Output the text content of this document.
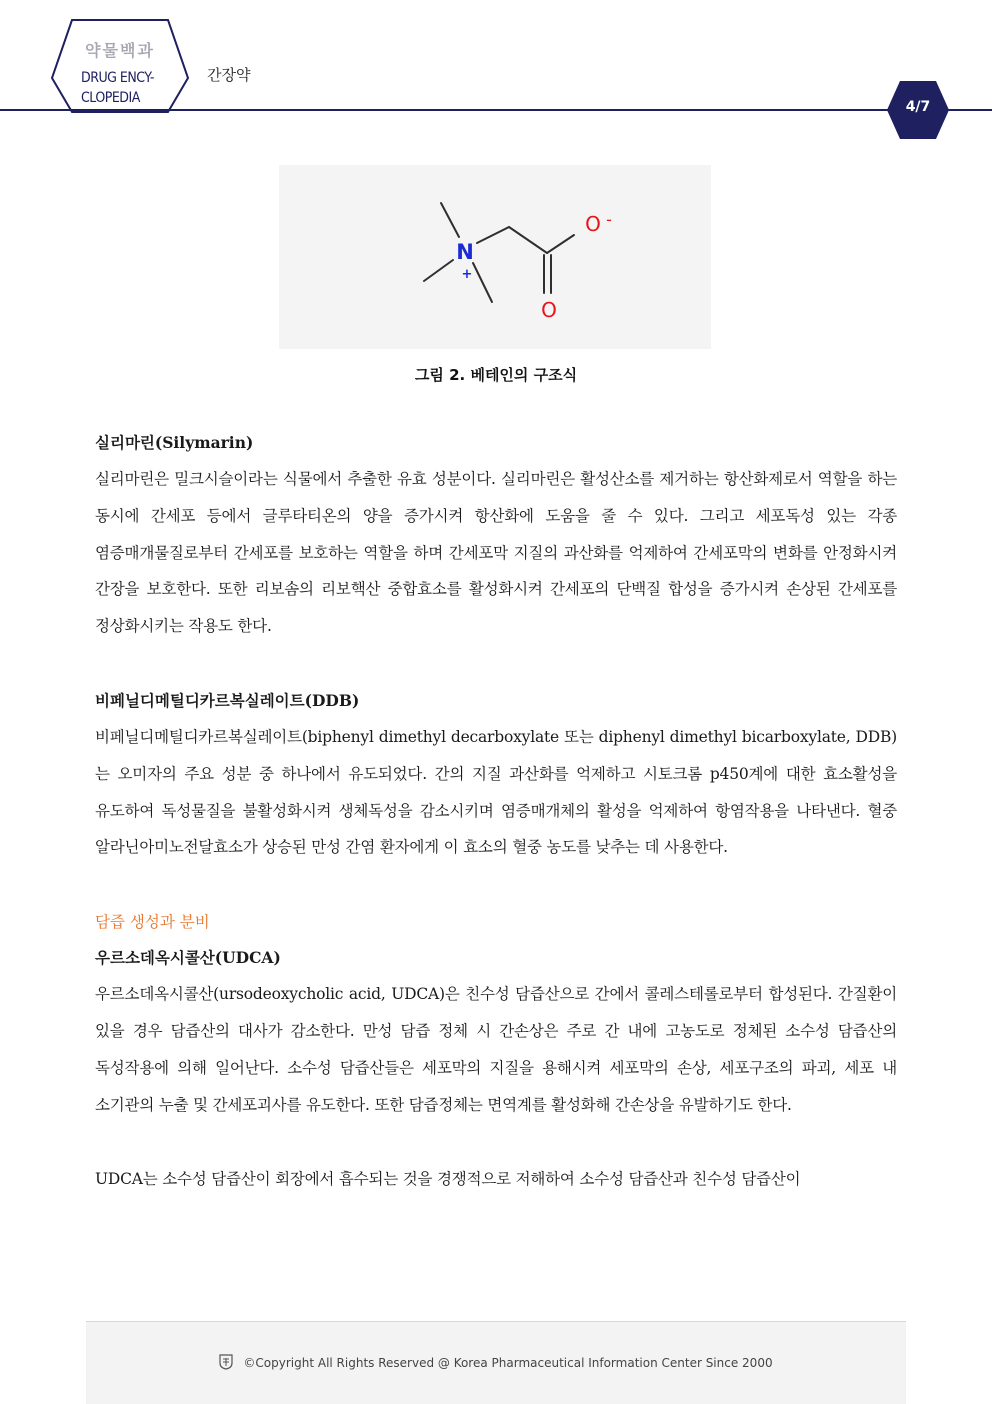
약물백과
DRUG ENCY-
CLOPEDIA
간장약
4/7
N
+
O -
O
그림 2. 베테인의 구조식
실리마린(Silymarin)

실리마린은 밀크시슬이라는 식물에서 추출한 유효 성분이다. 실리마린은 활성산소를 제거하는 항산화제로서 역할을 하는 동시에 간세포 등에서 글루타티온의 양을 증가시켜 항산화에 도움을 줄 수 있다. 그리고 세포독성 있는 각종 염증매개물질로부터 간세포를 보호하는 역할을 하며 간세포막 지질의 과산화를 억제하여 간세포막의 변화를 안정화시켜 간장을 보호한다. 또한 리보솜의 리보핵산 중합효소를 활성화시켜 간세포의 단백질 합성을 증가시켜 손상된 간세포를 정상화시키는 작용도 한다.

비페닐디메틸디카르복실레이트(DDB)

비페닐디메틸디카르복실레이트(biphenyl dimethyl decarboxylate 또는 diphenyl dimethyl bicarboxylate, DDB)는 오미자의 주요 성분 중 하나에서 유도되었다. 간의 지질 과산화를 억제하고 시토크롬 p450계에 대한 효소활성을 유도하여 독성물질을 불활성화시켜 생체독성을 감소시키며 염증매개체의 활성을 억제하여 항염작용을 나타낸다. 혈중 알라닌아미노전달효소가 상승된 만성 간염 환자에게 이 효소의 혈중 농도를 낮추는 데 사용한다.

담즙 생성과 분비
우르소데옥시콜산(UDCA)

우르소데옥시콜산(ursodeoxycholic acid, UDCA)은 친수성 담즙산으로 간에서 콜레스테롤로부터 합성된다. 간질환이 있을 경우 담즙산의 대사가 감소한다. 만성 담즙 정체 시 간손상은 주로 간 내에 고농도로 정체된 소수성 담즙산의 독성작용에 의해 일어난다. 소수성 담즙산들은 세포막의 지질을 용해시켜 세포막의 손상, 세포구조의 파괴, 세포 내 소기관의 누출 및 간세포괴사를 유도한다. 또한 담즙정체는 면역계를 활성화해 간손상을 유발하기도 한다.

UDCA는 소수성 담즙산이 회장에서 흡수되는 것을 경쟁적으로 저해하여 소수성 담즙산과 친수성 담즙산이

©Copyright All Rights Reserved @ Korea Pharmaceutical Information Center Since 2000
